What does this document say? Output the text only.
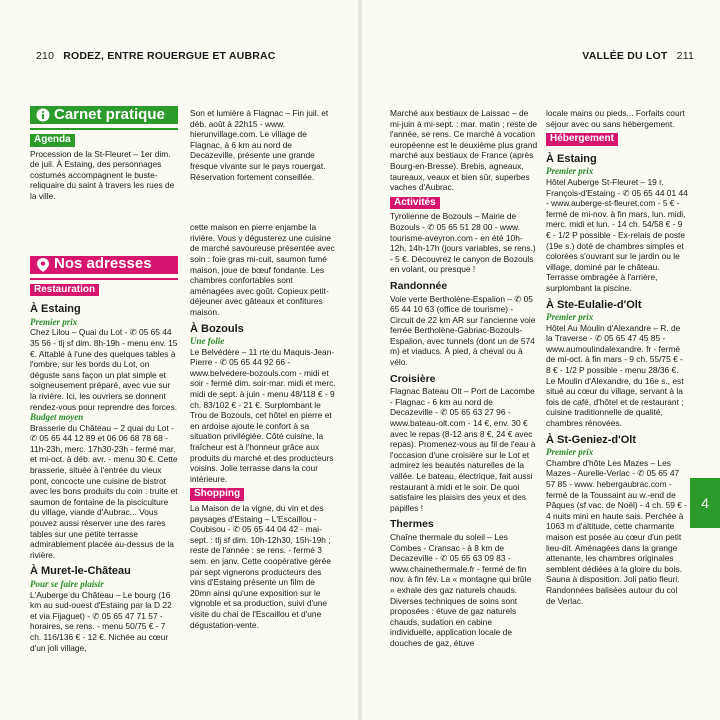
210 RODEZ, ENTRE ROUERGUE ET AUBRAC
Carnet pratique
Agenda

Procession de la St-Fleuret – 1er dim. de juil. À Estaing, des personnages costumés accompagnent le buste-reliquaire du saint à travers les rues de la ville.

Nos adresses
Restauration
À Estaing
Premier prix

Chez Lilou – Quai du Lot - ✆ 05 65 44 35 56 - tlj sf dim. 8h-19h - menu env. 15 €. Attablé à l'une des quelques tables à l'ombre, sur les bords du Lot, on déguste sans façon un plat simple et soigneusement préparé, avec vue sur la rivière. Ici, les ouvriers se donnent rendez-vous pour reprendre des forces.

Budget moyen

Brasserie du Château – 2 quai du Lot - ✆ 05 65 44 12 89 et 06 06 68 78 68 - 11h-23h, merc. 17h30-23h - fermé mar. et mi-oct. à déb. avr. - menu 30 €. Cette brasserie, située à l'entrée du vieux pont, concocte une cuisine de bistrot avec les bons produits du coin : truite et saumon de fontaine de la pisciculture du village, viande d'Aubrac... Vous pouvez aussi réserver une des rares tables sur une petite terrasse admirablement placée au-dessus de la rivière.

À Muret-le-Château
Pour se faire plaisir

L'Auberge du Château – Le bourg (16 km au sud-ouest d'Estaing par la D 22 et via Fijaguet) - ✆ 05 65 47 71 57 - horaires, se rens. - menu 50/75 € - 7 ch. 116/136 € - 12 €. Nichée au cœur d'un joli village,

Son et lumière à Flagnac – Fin juil. et déb. août à 22h15 - www. hierunvillage.com. Le village de Flagnac, à 6 km au nord de Decazeville, présente une grande fresque vivante sur le pays rouergat. Réservation fortement conseillée.

cette maison en pierre enjambe la rivière. Vous y dégusterez une cuisine de marché savoureuse présentée avec soin : foie gras mi-cuit, saumon fumé maison, joue de bœuf fondante. Les chambres confortables sont aménagées avec goût. Copieux petit-déjeuner avec gâteaux et confitures maison.

À Bozouls
Une folie

Le Belvédère – 11 rte du Maquis-Jean-Pierre - ✆ 05 65 44 92 66 - www.belvedere-bozouls.com - midi et soir - fermé dim. soir-mar. midi et merc. midi de sept. à juin - menu 48/118 € - 9 ch. 83/102 € - 21 €. Surplombant le Trou de Bozouls, cet hôtel en pierre et en ardoise ajoute le confort à sa situation privilégiée. Côté cuisine, la fraîcheur est à l'honneur grâce aux produits du marché et des producteurs voisins. Jolie terrasse dans la cour intérieure.

Shopping

La Maison de la vigne, du vin et des paysages d'Estaing – L'Escaillou - Coubisou - ✆ 05 65 44 04 42 - mai-sept. : tlj sf dim. 10h-12h30, 15h-19h ; reste de l'année : se rens. - fermé 3 sem. en janv. Cette coopérative gérée par sept vignerons producteurs des vins d'Estaing présente un film de 20mn ainsi qu'une exposition sur le vignoble et sa production, suivi d'une visite du chai de l'Escaillou et d'une dégustation-vente.

VALLÉE DU LOT 211

Marché aux bestiaux de Laissac – de mi-juin à mi-sept. : mar. matin ; reste de l'année, se rens. Ce marché à vocation européenne est le deuxième plus grand marché aux bestiaux de France (après Bourg-en-Bresse). Brebis, agneaux, taureaux, veaux et bien sûr, superbes vaches d'Aubrac.

Activités

Tyrolienne de Bozouls – Mairie de Bozouls - ✆ 05 65 51 28 00 - www. tourisme-aveyron.com - en été 10h-12h, 14h-17h (jours variables, se rens.) - 5 €. Découvrez le canyon de Bozouls en volant, ou presque !

Randonnée

Voie verte Bertholène-Espalion – ✆ 05 65 44 10 63 (office de tourisme) - Circuit de 22 km AR sur l'ancienne voie ferrée Bertholène-Gabriac-Bozouls-Espalion, avec tunnels (dont un de 574 m) et viaducs. À pied, à cheval ou à vélo.

Croisière

Flagnac Bateau Olt – Port de Lacombe - Flagnac - 6 km au nord de Decazeville - ✆ 05 65 63 27 96 - www.bateau-olt.com - 14 €, env. 30 € avec le repas (8-12 ans 8 €, 24 € avec repas). Promenez-vous au fil de l'eau à l'occasion d'une croisière sur le Lot et admirez les beautés naturelles de la vallée. Le bateau, électrique, fait aussi restaurant à midi et le soir. De quoi satisfaire les plaisirs des yeux et des papilles !

Thermes

Chaîne thermale du soleil – Les Combes - Cransac - à 8 km de Decazeville - ✆ 05 65 63 09 83 - www.chainethermale.fr - fermé de fin nov. à fin fév. La « montagne qui brûle » exhale des gaz naturels chauds. Diverses techniques de soins sont proposées : étuve de gaz naturels chauds, sudation en cabine individuelle, application locale de douches de gaz, étuve

locale mains ou pieds... Forfaits court séjour avec ou sans hébergement.

Hébergement
À Estaing
Premier prix

Hôtel Auberge St-Fleuret – 19 r. François-d'Estaing - ✆ 05 65 44 01 44 - www.auberge-st-fleuret.com - 5 € - fermé de mi-nov. à fin mars, lun. midi, merc. midi et lun. - 14 ch. 54/58 € - 9 € - 1/2 P possible - Ex-relais de poste (19e s.) doté de chambres simples et colorées s'ouvrant sur le jardin ou le village, dominé par le château. Terrasse ombragée à l'arrière, surplombant la piscine.

À Ste-Eulalie-d'Olt
Premier prix

Hôtel Au Moulin d'Alexandre – R. de la Traverse - ✆ 05 65 47 45 85 - www.aumoulindalexandre. fr - fermé de mi-oct. à fin mars - 9 ch. 55/75 € - 8 € - 1/2 P possible - menu 28/36 €. Le Moulin d'Alexandre, du 16e s., est situé au cœur du village, servant à la fois de café, d'hôtel et de restaurant ; cuisine traditionnelle de qualité, chambres rénovées.

À St-Geniez-d'Olt
Premier prix

Chambre d'hôte Les Mazes – Les Mazes - Aurelle-Verlac - ✆ 05 65 47 57 85 - www. hebergaubrac.com - fermé de la Toussaint au w.-end de Pâques (sf vac. de Noël) - 4 ch. 59 € - 4 nuits mini en haute sais. Perchée à 1063 m d'altitude, cette charmante maison est posée au cœur d'un petit lieu-dit. Aménagées dans la grange attenante, les chambres originales semblent dédiées à la gloire du bois. Sauna à disposition. Joli patio fleuri. Randonnées balisées autour du col de Verlac.

4
